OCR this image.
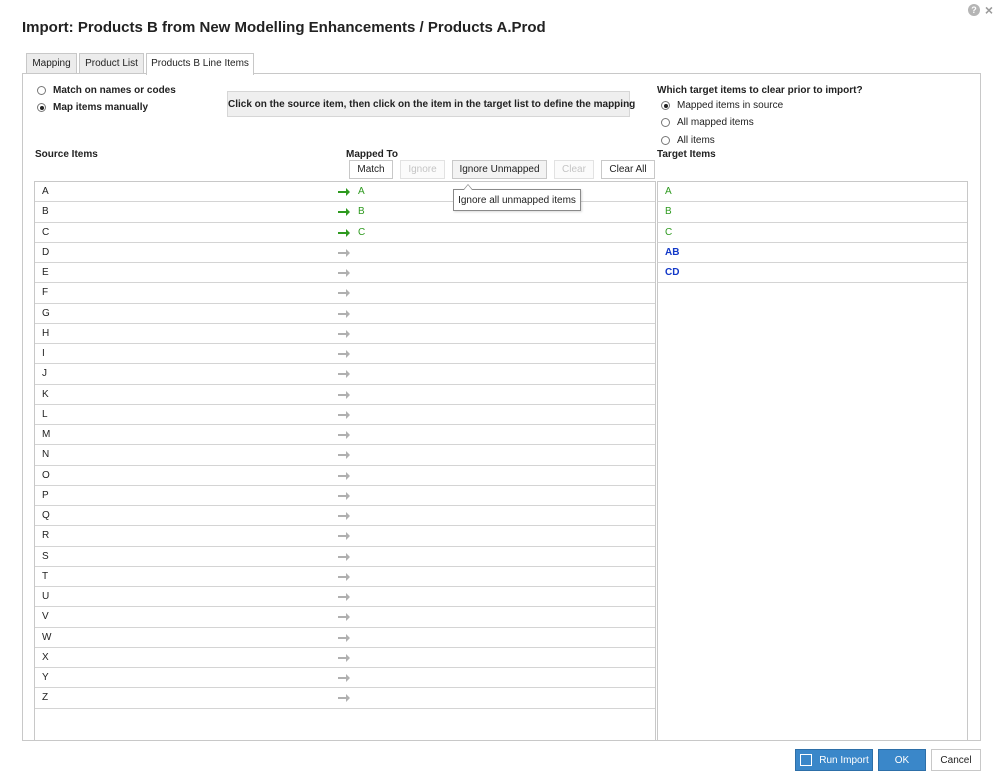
Import: Products B from New Modelling Enhancements / Products A.Prod
? ×
Mapping	Product List	Products B Line Items
Match on names or codes
Map items manually	Click on the source item, then click on the item in the target list to define the mapping
Which target items to clear prior to import?
Mapped items in source
All mapped items
All items
Source Items	Mapped To	Target Items
Match	Ignore	Ignore Unmapped	Clear	Clear All
Ignore all unmapped items
A	A
B	B
C	C
D
E
F
G
H
I
J
K
L
M
N
O
P
Q
R
S
T
U
V
W
X
Y
Z
A
B
C
AB
CD
Run Import	OK	Cancel
